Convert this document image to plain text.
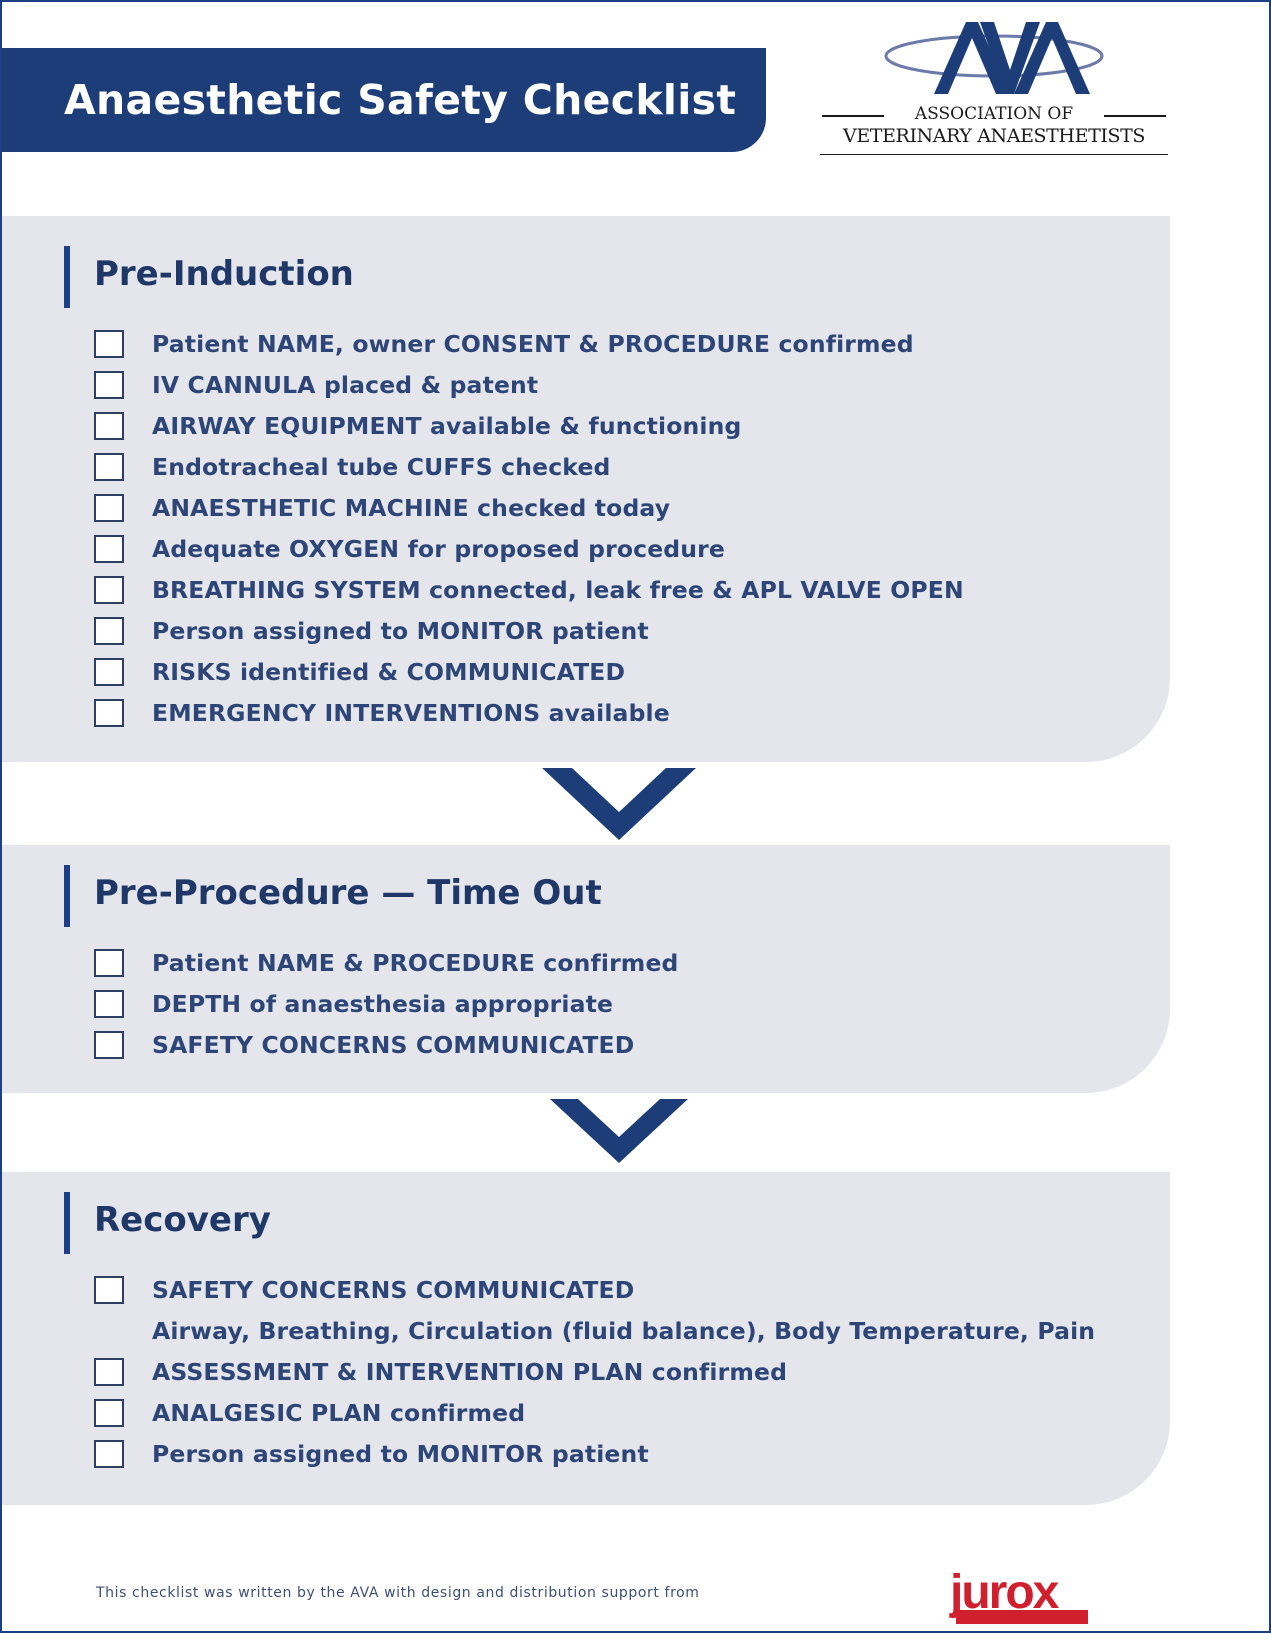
Anaesthetic Safety Checklist	ASSOCIATION OF
VETERINARY ANAESTHETISTS
Pre-Induction
Patient NAME, owner CONSENT & PROCEDURE confirmed
IV CANNULA placed & patent
AIRWAY EQUIPMENT available & functioning
Endotracheal tube CUFFS checked
ANAESTHETIC MACHINE checked today
Adequate OXYGEN for proposed procedure
BREATHING SYSTEM connected, leak free & APL VALVE OPEN
Person assigned to MONITOR patient
RISKS identified & COMMUNICATED
EMERGENCY INTERVENTIONS available
Pre-Procedure — Time Out
Patient NAME & PROCEDURE confirmed
DEPTH of anaesthesia appropriate
SAFETY CONCERNS COMMUNICATED
Recovery
SAFETY CONCERNS COMMUNICATED
Airway, Breathing, Circulation (fluid balance), Body Temperature, Pain
ASSESSMENT & INTERVENTION PLAN confirmed
ANALGESIC PLAN confirmed
Person assigned to MONITOR patient
This checklist was written by the AVA with design and distribution support from	jurox
